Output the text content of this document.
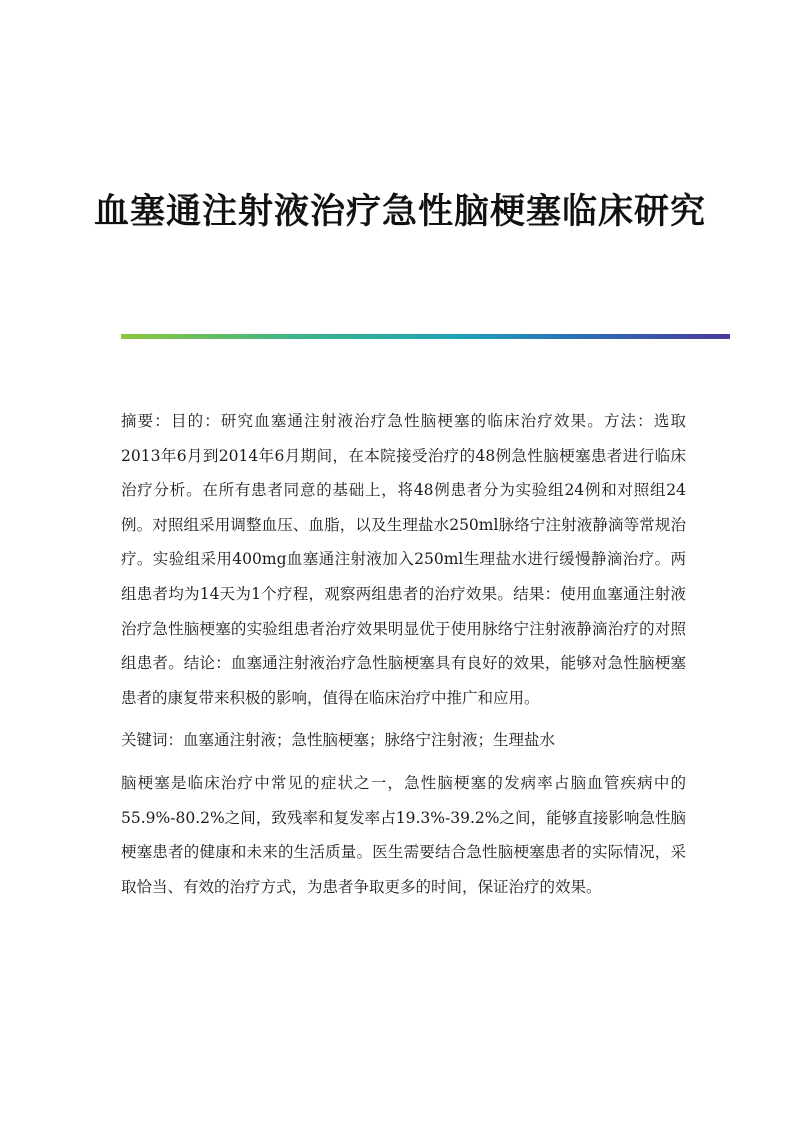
血塞通注射液治疗急性脑梗塞临床研究

摘要：目的：研究血塞通注射液治疗急性脑梗塞的临床治疗效果。方法：选取2013年6月到2014年6月期间，在本院接受治疗的48例急性脑梗塞患者进行临床治疗分析。在所有患者同意的基础上，将48例患者分为实验组24例和对照组24例。对照组采用调整血压、血脂，以及生理盐水250ml脉络宁注射液静滴等常规治疗。实验组采用400mg血塞通注射液加入250ml生理盐水进行缓慢静滴治疗。两组患者均为14天为1个疗程，观察两组患者的治疗效果。结果：使用血塞通注射液治疗急性脑梗塞的实验组患者治疗效果明显优于使用脉络宁注射液静滴治疗的对照组患者。结论：血塞通注射液治疗急性脑梗塞具有良好的效果，能够对急性脑梗塞患者的康复带来积极的影响，值得在临床治疗中推广和应用。

关键词：血塞通注射液；急性脑梗塞；脉络宁注射液；生理盐水

脑梗塞是临床治疗中常见的症状之一，急性脑梗塞的发病率占脑血管疾病中的55.9%-80.2%之间，致残率和复发率占19.3%-39.2%之间，能够直接影响急性脑梗塞患者的健康和未来的生活质量。医生需要结合急性脑梗塞患者的实际情况，采取恰当、有效的治疗方式，为患者争取更多的时间，保证治疗的效果。
